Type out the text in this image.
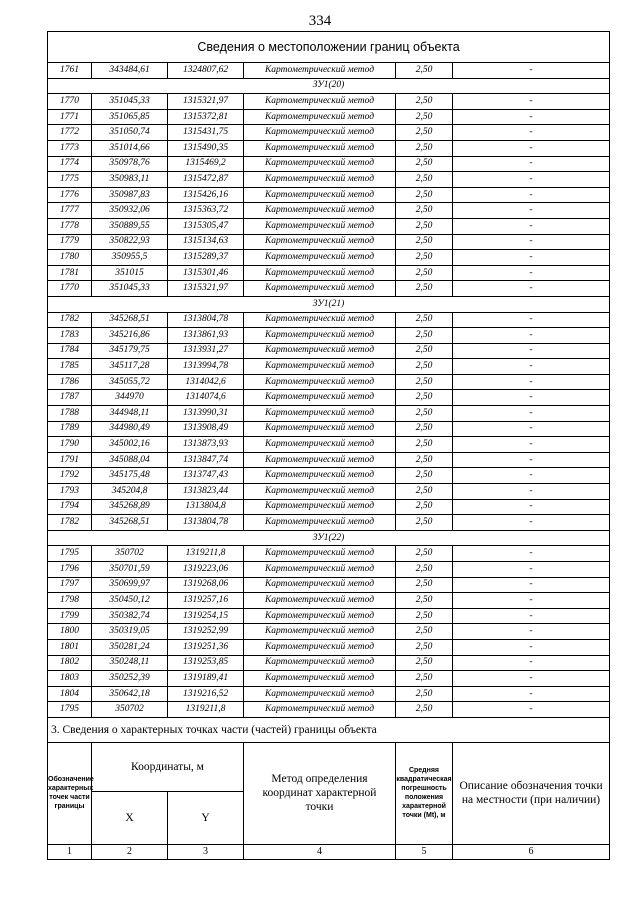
334
Сведения о местоположении границ объекта					
1761	343484,61	1324807,62	Картометрический метод	2,50	-
ЗУ1(20)					
1770	351045,33	1315321,97	Картометрический метод	2,50	-
1771	351065,85	1315372,81	Картометрический метод	2,50	-
1772	351050,74	1315431,75	Картометрический метод	2,50	-
1773	351014,66	1315490,35	Картометрический метод	2,50	-
1774	350978,76	1315469,2	Картометрический метод	2,50	-
1775	350983,11	1315472,87	Картометрический метод	2,50	-
1776	350987,83	1315426,16	Картометрический метод	2,50	-
1777	350932,06	1315363,72	Картометрический метод	2,50	-
1778	350889,55	1315305,47	Картометрический метод	2,50	-
1779	350822,93	1315134,63	Картометрический метод	2,50	-
1780	350955,5	1315289,37	Картометрический метод	2,50	-
1781	351015	1315301,46	Картометрический метод	2,50	-
1770	351045,33	1315321,97	Картометрический метод	2,50	-
ЗУ1(21)					
1782	345268,51	1313804,78	Картометрический метод	2,50	-
1783	345216,86	1313861,93	Картометрический метод	2,50	-
1784	345179,75	1313931,27	Картометрический метод	2,50	-
1785	345117,28	1313994,78	Картометрический метод	2,50	-
1786	345055,72	1314042,6	Картометрический метод	2,50	-
1787	344970	1314074,6	Картометрический метод	2,50	-
1788	344948,11	1313990,31	Картометрический метод	2,50	-
1789	344980,49	1313908,49	Картометрический метод	2,50	-
1790	345002,16	1313873,93	Картометрический метод	2,50	-
1791	345088,04	1313847,74	Картометрический метод	2,50	-
1792	345175,48	1313747,43	Картометрический метод	2,50	-
1793	345204,8	1313823,44	Картометрический метод	2,50	-
1794	345268,89	1313804,8	Картометрический метод	2,50	-
1782	345268,51	1313804,78	Картометрический метод	2,50	-
ЗУ1(22)					
1795	350702	1319211,8	Картометрический метод	2,50	-
1796	350701,59	1319223,06	Картометрический метод	2,50	-
1797	350699,97	1319268,06	Картометрический метод	2,50	-
1798	350450,12	1319257,16	Картометрический метод	2,50	-
1799	350382,74	1319254,15	Картометрический метод	2,50	-
1800	350319,05	1319252,99	Картометрический метод	2,50	-
1801	350281,24	1319251,36	Картометрический метод	2,50	-
1802	350248,11	1319253,85	Картометрический метод	2,50	-
1803	350252,39	1319189,41	Картометрический метод	2,50	-
1804	350642,18	1319216,52	Картометрический метод	2,50	-
1795	350702	1319211,8	Картометрический метод	2,50	-
3. Сведения о характерных точках части (частей) границы объекта					
Обозначение характерных точек части границы	Координаты, м		Метод определения координат характерной точки	Средняя квадратическая погрешность положения характерной точки (Mt), м	Описание обозначения точки на местности (при наличии)
	X	Y			
1	2	3	4	5	6
